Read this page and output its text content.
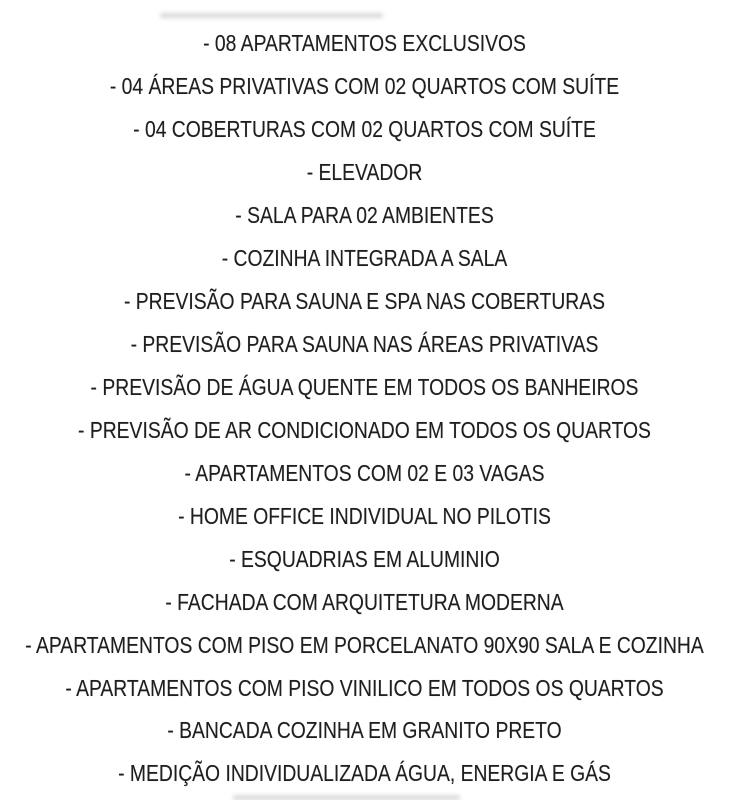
- 08 APARTAMENTOS EXCLUSIVOS
- 04 ÁREAS PRIVATIVAS COM 02 QUARTOS COM SUÍTE
- 04 COBERTURAS COM 02 QUARTOS COM SUÍTE
- ELEVADOR
- SALA PARA 02 AMBIENTES
- COZINHA INTEGRADA A SALA
- PREVISÃO PARA SAUNA E SPA NAS COBERTURAS
- PREVISÃO PARA SAUNA NAS ÁREAS PRIVATIVAS
- PREVISÃO DE ÁGUA QUENTE EM TODOS OS BANHEIROS
- PREVISÃO DE AR CONDICIONADO EM TODOS OS QUARTOS
- APARTAMENTOS COM 02 E 03 VAGAS
- HOME OFFICE INDIVIDUAL NO PILOTIS
- ESQUADRIAS EM ALUMINIO
- FACHADA COM ARQUITETURA MODERNA
- APARTAMENTOS COM PISO EM PORCELANATO 90X90 SALA E COZINHA
- APARTAMENTOS COM PISO VINILICO EM TODOS OS QUARTOS
- BANCADA COZINHA EM GRANITO PRETO
- MEDIÇÃO INDIVIDUALIZADA ÁGUA, ENERGIA E GÁS
